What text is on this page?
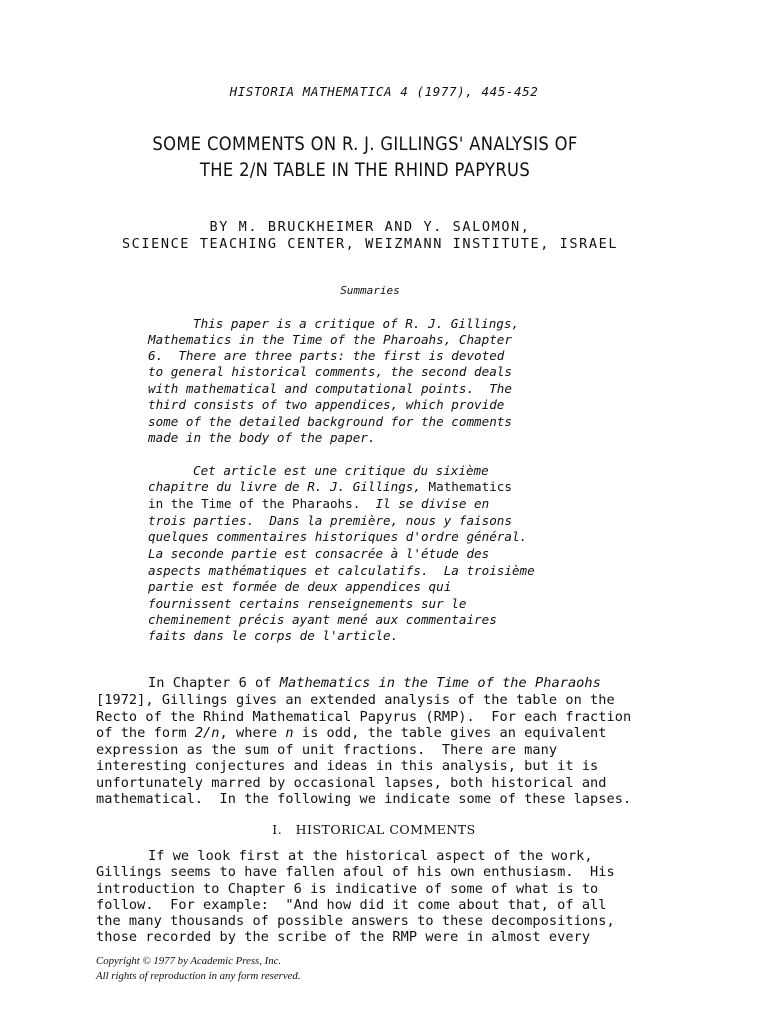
HISTORIA MATHEMATICA 4 (1977), 445-452
SOME COMMENTS ON R. J. GILLINGS' ANALYSIS OF
THE 2/N TABLE IN THE RHIND PAPYRUS
BY M. BRUCKHEIMER AND Y. SALOMON,
SCIENCE TEACHING CENTER, WEIZMANN INSTITUTE, ISRAEL
Summaries
This paper is a critique of R. J. Gillings,
Mathematics in the Time of the Pharoahs, Chapter
6.  There are three parts: the first is devoted
to general historical comments, the second deals
with mathematical and computational points.  The
third consists of two appendices, which provide
some of the detailed background for the comments
made in the body of the paper.
Cet article est une critique du sixième
chapitre du livre de R. J. Gillings, Mathematics
in the Time of the Pharaohs.  Il se divise en
trois parties.  Dans la première, nous y faisons
quelques commentaires historiques d'ordre général.
La seconde partie est consacrée à l'étude des
aspects mathématiques et calculatifs.  La troisième
partie est formée de deux appendices qui
fournissent certains renseignements sur le
cheminement précis ayant mené aux commentaires
faits dans le corps de l'article.
In Chapter 6 of Mathematics in the Time of the Pharaohs
[1972], Gillings gives an extended analysis of the table on the
Recto of the Rhind Mathematical Papyrus (RMP).  For each fraction
of the form 2/n, where n is odd, the table gives an equivalent
expression as the sum of unit fractions.  There are many
interesting conjectures and ideas in this analysis, but it is
unfortunately marred by occasional lapses, both historical and
mathematical.  In the following we indicate some of these lapses.
I.   HISTORICAL COMMENTS
If we look first at the historical aspect of the work,
Gillings seems to have fallen afoul of his own enthusiasm.  His
introduction to Chapter 6 is indicative of some of what is to
follow.  For example:  "And how did it come about that, of all
the many thousands of possible answers to these decompositions,
those recorded by the scribe of the RMP were in almost every
Copyright © 1977 by Academic Press, Inc.
All rights of reproduction in any form reserved.
